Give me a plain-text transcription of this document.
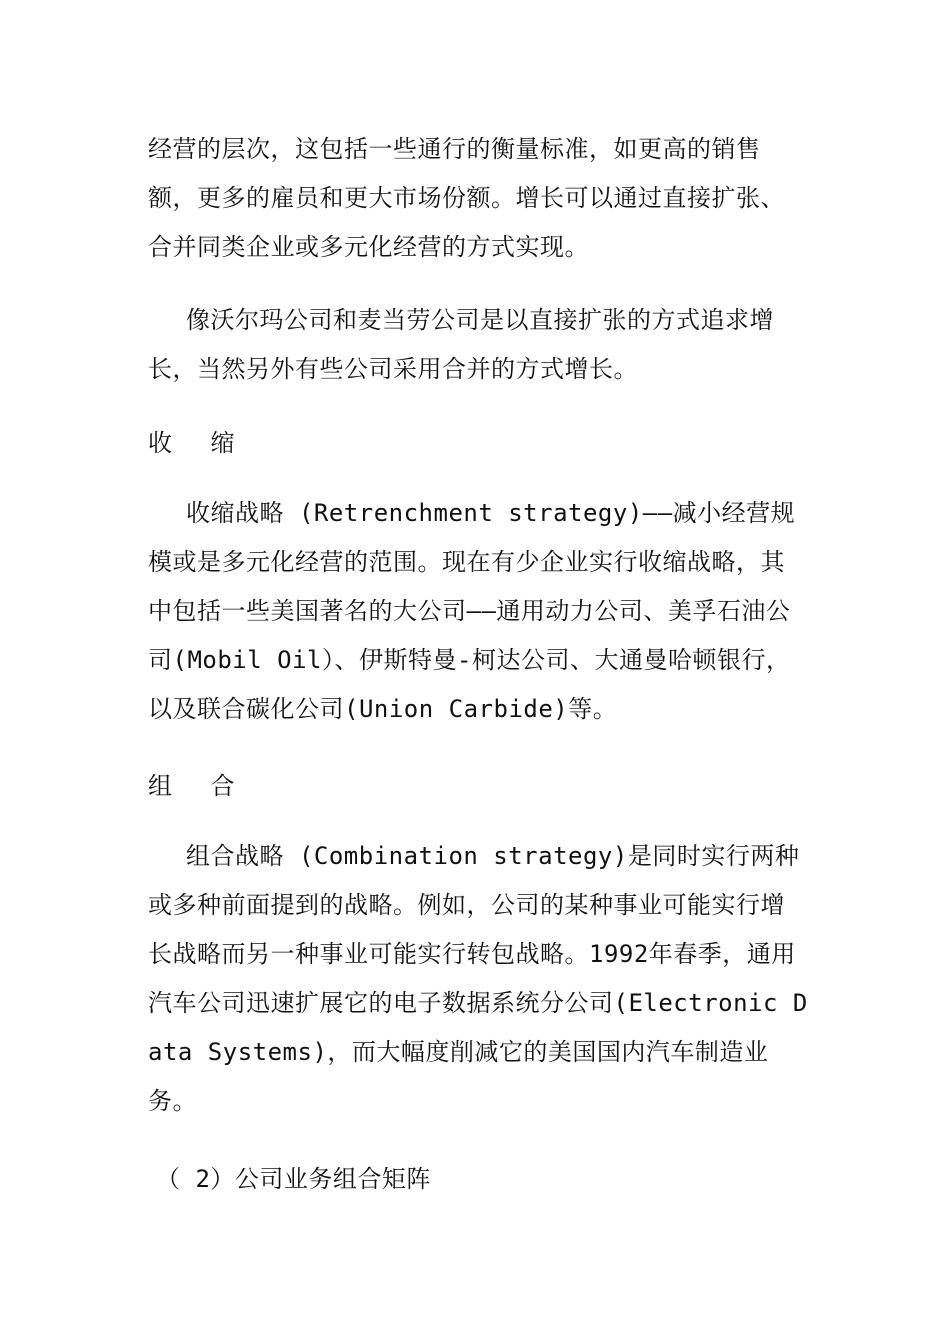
经营的层次，这包括一些通行的衡量标准，如更高的销售额，更多的雇员和更大市场份额。增长可以通过直接扩张、合并同类企业或多元化经营的方式实现。

像沃尔玛公司和麦当劳公司是以直接扩张的方式追求增长，当然另外有些公司采用合并的方式增长。

收 缩

收缩战略 (Retrenchment strategy)——减小经营规模或是多元化经营的范围。现在有少企业实行收缩战略，其中包括一些美国著名的大公司——通用动力公司、美孚石油公司(Mobil Oil）、伊斯特曼-柯达公司、大通曼哈顿银行，以及联合碳化公司(Union Carbide)等。

组 合

组合战略 (Combination strategy)是同时实行两种或多种前面提到的战略。例如，公司的某种事业可能实行增长战略而另一种事业可能实行转包战略。1992年春季，通用汽车公司迅速扩展它的电子数据系统分公司(Electronic Data Systems)，而大幅度削减它的美国国内汽车制造业务。

（ 2）公司业务组合矩阵
